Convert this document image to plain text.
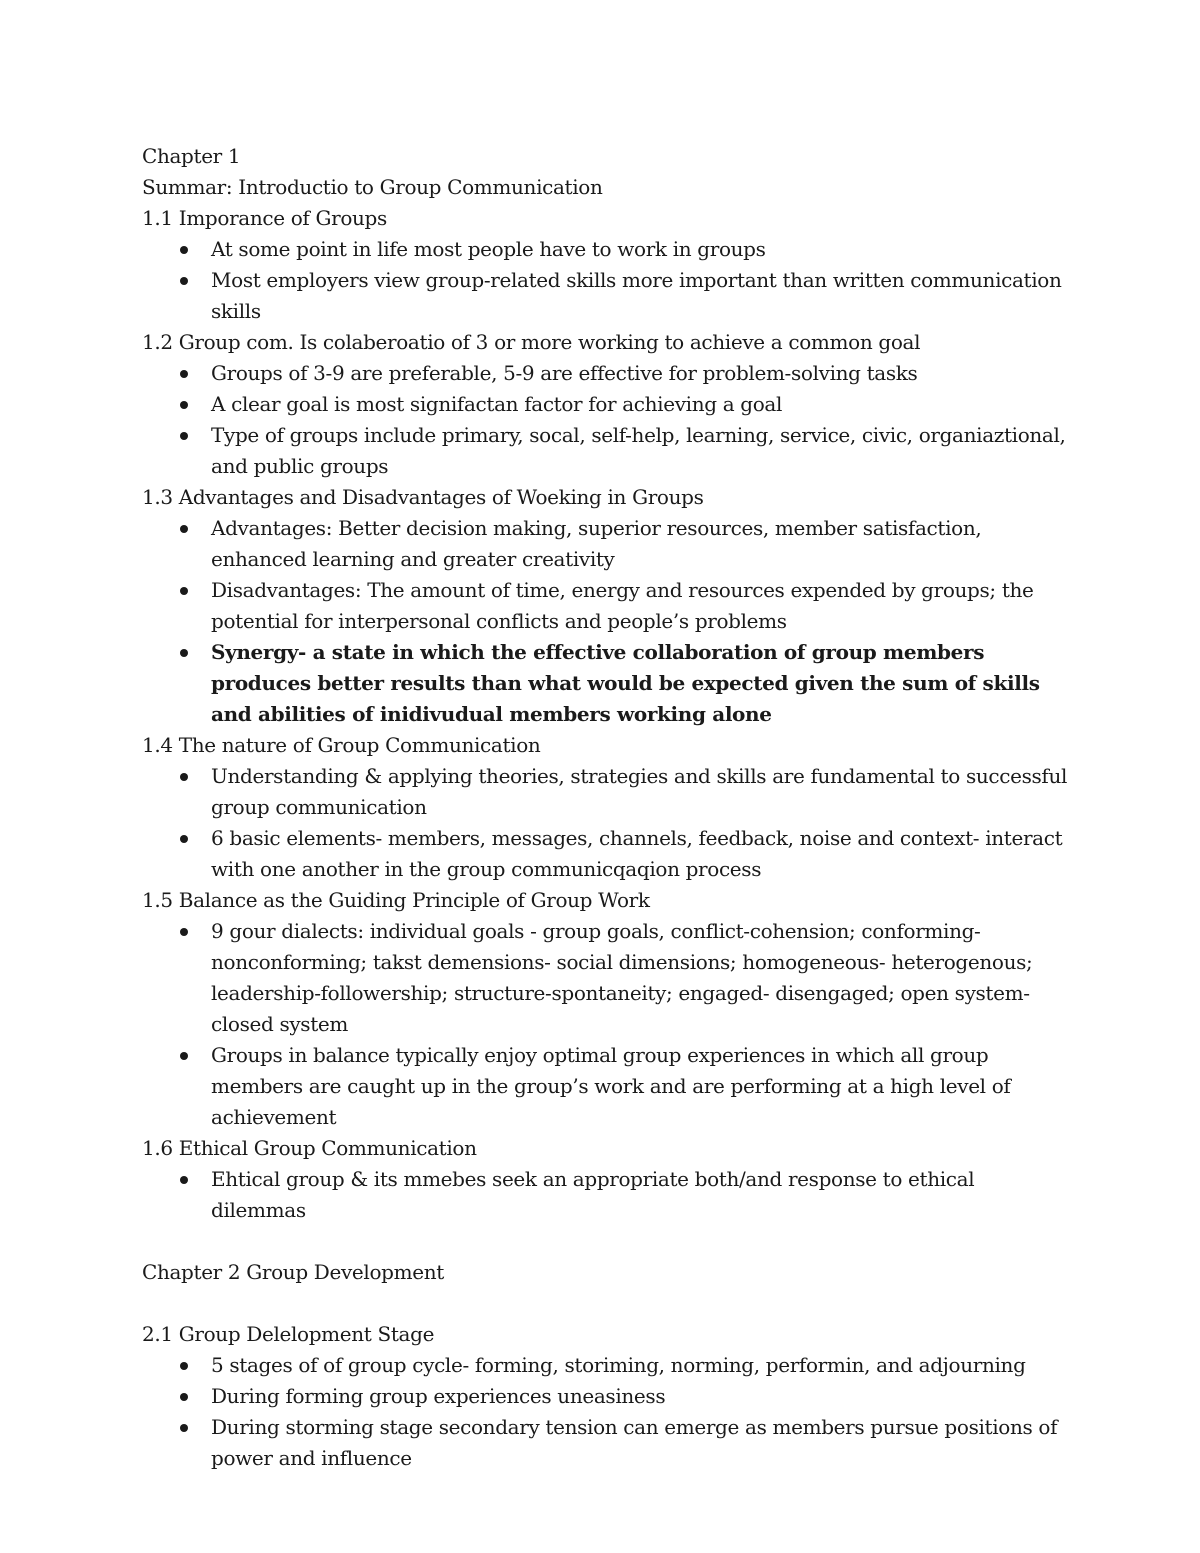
Chapter 1

Summar: Introductio to Group Communication

1.1 Imporance of Groups

At some point in life most people have to work in groups
Most employers view group-related skills more important than written communication skills

1.2 Group com. Is colaberoatio of 3 or more working to achieve a common goal

Groups of 3-9 are preferable, 5-9 are effective for problem-solving tasks
A clear goal is most signifactan factor for achieving a goal
Type of groups include primary, socal, self-help, learning, service, civic, organiaztional, and public groups

1.3 Advantages and Disadvantages of Woeking in Groups

Advantages: Better decision making, superior resources, member satisfaction, enhanced learning and greater creativity
Disadvantages: The amount of time, energy and resources expended by groups; the potential for interpersonal conflicts and people’s problems
Synergy- a state in which the effective collaboration of group members produces better results than what would be expected given the sum of skills and abilities of inidivudual members working alone

1.4 The nature of Group Communication

Understanding & applying theories, strategies and skills are fundamental to successful group communication
6 basic elements- members, messages, channels, feedback, noise and context- interact with one another in the group communicqaqion process

1.5 Balance as the Guiding Principle of Group Work

9 gour dialects: individual goals - group goals, conflict-cohension; conforming-nonconforming; takst demensions- social dimensions; homogeneous- heterogenous; leadership-followership; structure-spontaneity; engaged- disengaged; open system-closed system
Groups in balance typically enjoy optimal group experiences in which all group members are caught up in the group’s work and are performing at a high level of achievement

1.6 Ethical Group Communication

Ehtical group & its mmebes seek an appropriate both/and response to ethical dilemmas

Chapter 2 Group Development

2.1 Group Delelopment Stage

5 stages of of group cycle- forming, storiming, norming, performin, and adjourning
During forming group experiences uneasiness
During storming stage secondary tension can emerge as members pursue positions of power and influence
